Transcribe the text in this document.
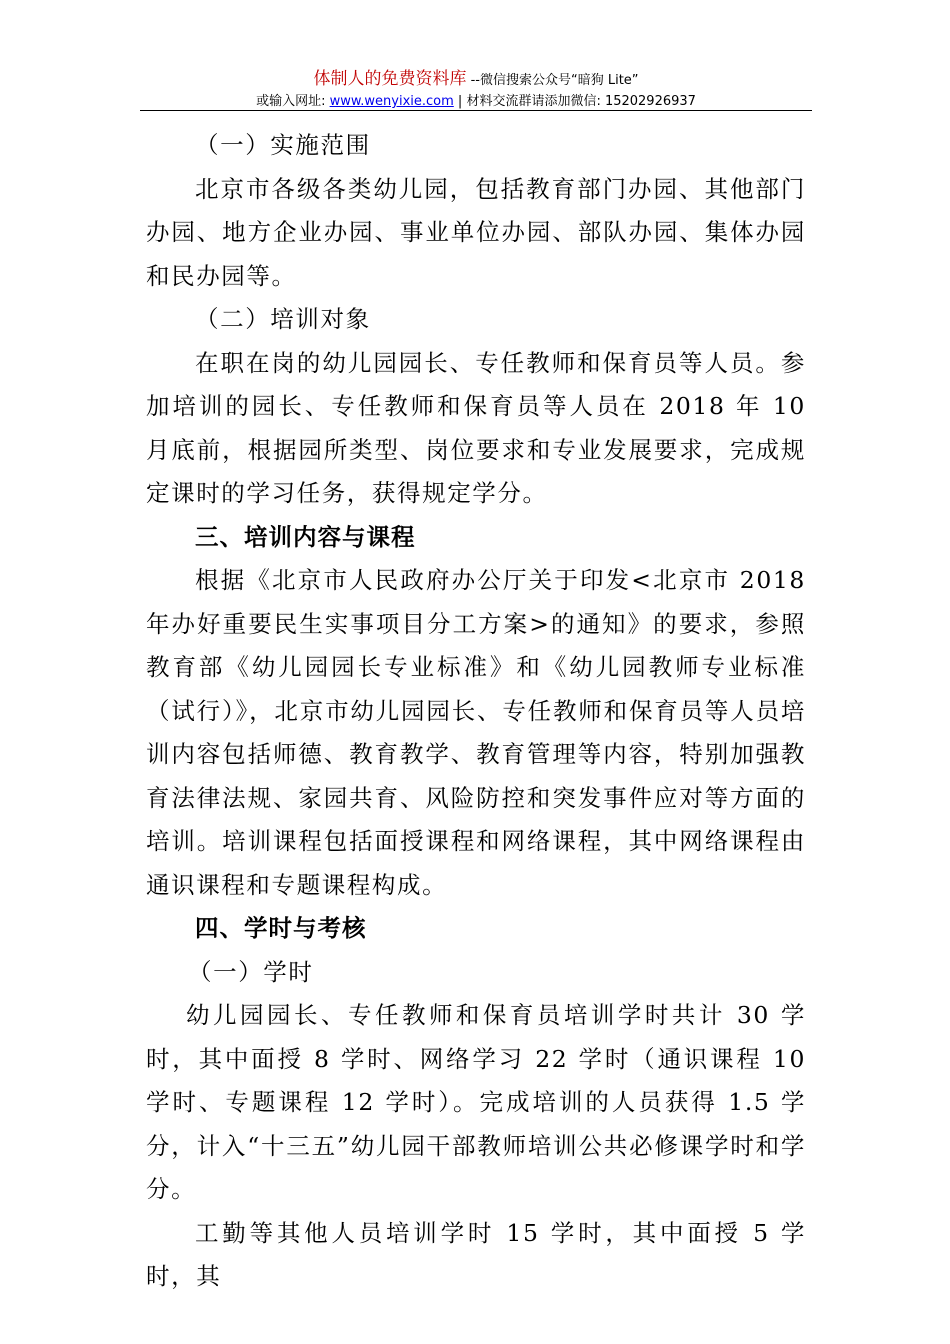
体制人的免费资料库 --微信搜索公众号“暗狗 Lite”
或输入网址: www.wenyixie.com | 材料交流群请添加微信: 15202926937

（一）实施范围

北京市各级各类幼儿园，包括教育部门办园、其他部门办园、地方企业办园、事业单位办园、部队办园、集体办园和民办园等。

（二）培训对象

在职在岗的幼儿园园长、专任教师和保育员等人员。参加培训的园长、专任教师和保育员等人员在 2018 年 10 月底前，根据园所类型、岗位要求和专业发展要求，完成规定课时的学习任务，获得规定学分。

三、培训内容与课程

根据《北京市人民政府办公厅关于印发<北京市 2018 年办好重要民生实事项目分工方案>的通知》的要求，参照教育部《幼儿园园长专业标准》和《幼儿园教师专业标准（试行）》，北京市幼儿园园长、专任教师和保育员等人员培训内容包括师德、教育教学、教育管理等内容，特别加强教育法律法规、家园共育、风险防控和突发事件应对等方面的培训。培训课程包括面授课程和网络课程，其中网络课程由通识课程和专题课程构成。

四、学时与考核

（一）学时

幼儿园园长、专任教师和保育员培训学时共计 30 学时，其中面授 8 学时、网络学习 22 学时（通识课程 10 学时、专题课程 12 学时）。完成培训的人员获得 1.5 学分，计入“十三五”幼儿园干部教师培训公共必修课学时和学分。

工勤等其他人员培训学时 15 学时，其中面授 5 学时，其
